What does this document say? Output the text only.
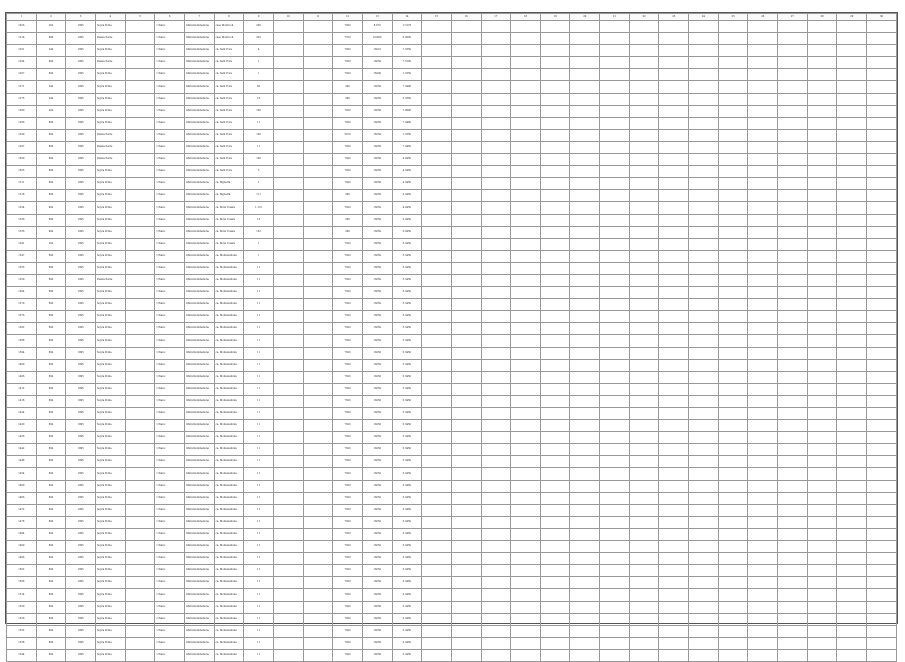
1	2	3	4	5	6	7	8	9	10	11	12	13	14	15	16	17	18	19	20	21	22	23	24	25	26	27	28	29	30
1026	26d	1995	Sopra Ponte		1 Piano	Ghirardominatione	case Monticoli	200			7000	8.070	17.078																
1016	896	1995	Piazza Ponte		1 Piano	Ghirardominatione	case Monticoli	322			7700	9.0000	9.3000																
1251	24d	1995	Sopra Ponte		1 Piano	Ghirardominatione	ca. Sant Eora	4			7000	13010	7.3350																
1254	90d	1995	Piazza Ponte		1 Piano	Ghirardominatione	ca. Sant Eora	1			7300	13050	7.3100																
1267	89d	1995	Sopra Ponte		1 Piano	Ghirardominatione	ca. Sant Eora	1			7300	15000	1.3350																
1271	24d	1995	Sopra Ponte		1 Piano	Ghirardominatione	ca. Sant Eora	66			300	13050	7.3400																
1275	24d	1995	Sopra Ponte		1 Piano	Ghirardominatione	ca. Sant Eora	10			300	13050	5.3350																
1280	26d	1995	Sopra Ponte		1 Piano	Ghirardominatione	ca. Sant Eora	160			7200	13050	7.9900																
1286	89d	1995	Sopra Ponte		1 Piano	Ghirardominatione	ca. Sant Eora	11			7300	13050	7.0400																
1290	89d	1995	Piazza Ponte		1 Piano	Ghirardominatione	ca. Sant Eora	100			5070	15050	1.3350																
1297	89d	1995	Piazza Ponte		1 Piano	Ghirardominatione	ca. Sant Eora	11			7300	13050	7.0450																
1300	89d	1995	Piazza Ponte		1 Piano	Ghirardominatione	ca. Sant Eora	100			7300	13050	4.0450																
1305	89d	1995	Sopra Ponte		1 Piano	Ghirardominatione	ca. Sant Eora	3			7300	13050	4.3450																
1311	89d	1995	Sopra Ponte		1 Piano	Ghirardominatione	ca. Bignetta	1			7300	13050	4.3450																
1318	89d	1995	Sopra Ponte		1 Piano	Ghirardominatione	ca. Bignetta	111			300	13050	5.3450																
1324	90d	1995	Sopra Ponte		1 Piano	Ghirardominatione	ca. Bonn Tosara	1.131			7300	13050	4.0450																
1330	89d	1995	Sopra Ponte		1 Piano	Ghirardominatione	ca. Bonn Tosara	13			300	13050	5.0450																
1336	90d	1995	Sopra Ponte		1 Piano	Ghirardominatione	ca. Bonn Tosara	152			300	13050	5.0450																
1341	26d	1995	Sopra Ponte		1 Piano	Ghirardominatione	ca. Bonn Tosara	1			7300	13050	5.3450																
1347	89d	1995	Sopra Ponte		1 Piano	Ghirardominatione	ca. Montebelluna	1			7300	13050	5.3450																
1353	89d	1995	Sopra Ponte		1 Piano	Ghirardominatione	ca. Montebelluna	11			7300	13050	5.3450																
1359	89d	1995	Piazza Ponte		1 Piano	Ghirardominatione	ca. Montebelluna	11			7300	13050	5.3450																
1364	89d	1995	Sopra Ponte		1 Piano	Ghirardominatione	ca. Montebelluna	11			7300	13050	5.3450																
1370	89d	1995	Sopra Ponte		1 Piano	Ghirardominatione	ca. Montebelluna	11			7300	13050	5.3450																
1376	89d	1995	Sopra Ponte		1 Piano	Ghirardominatione	ca. Montebelluna	11			7300	13050	5.3450																
1382	89d	1995	Sopra Ponte		1 Piano	Ghirardominatione	ca. Montebelluna	11			7300	13050	5.3450																
1388	89d	1995	Sopra Ponte		1 Piano	Ghirardominatione	ca. Montebelluna	11			7300	13050	5.3450																
1394	89d	1995	Sopra Ponte		1 Piano	Ghirardominatione	ca. Montebelluna	11			7300	13050	5.3450																
1400	89d	1995	Sopra Ponte		1 Piano	Ghirardominatione	ca. Montebelluna	11			7300	13050	5.3450																
1406	89d	1995	Sopra Ponte		1 Piano	Ghirardominatione	ca. Montebelluna	11			7300	13050	5.3450																
1412	89d	1995	Sopra Ponte		1 Piano	Ghirardominatione	ca. Montebelluna	11			7300	13050	5.3450																
1418	89d	1995	Sopra Ponte		1 Piano	Ghirardominatione	ca. Montebelluna	11			7300	13050	5.3450																
1424	89d	1995	Sopra Ponte		1 Piano	Ghirardominatione	ca. Montebelluna	11			7300	13050	5.3450																
1430	89d	1995	Sopra Ponte		1 Piano	Ghirardominatione	ca. Montebelluna	11			7300	13050	5.3450																
1436	89d	1995	Sopra Ponte		1 Piano	Ghirardominatione	ca. Montebelluna	11			7300	13050	5.3450																
1442	89d	1995	Sopra Ponte		1 Piano	Ghirardominatione	ca. Montebelluna	11			7300	13050	5.3450																
1448	89d	1995	Sopra Ponte		1 Piano	Ghirardominatione	ca. Montebelluna	11			7300	13050	5.3450																
1454	89d	1995	Sopra Ponte		1 Piano	Ghirardominatione	ca. Montebelluna	11			7300	13050	5.3450																
1460	89d	1995	Sopra Ponte		1 Piano	Ghirardominatione	ca. Montebelluna	11			7300	13050	5.3450																
1466	89d	1995	Sopra Ponte		1 Piano	Ghirardominatione	ca. Montebelluna	11			7300	13050	5.3450																
1472	89d	1995	Sopra Ponte		1 Piano	Ghirardominatione	ca. Montebelluna	11			7300	13050	5.3450																
1478	89d	1995	Sopra Ponte		1 Piano	Ghirardominatione	ca. Montebelluna	11			7300	13050	5.3450																
1484	89d	1995	Sopra Ponte		1 Piano	Ghirardominatione	ca. Montebelluna	11			7300	13050	5.3450																
1490	89d	1995	Sopra Ponte		1 Piano	Ghirardominatione	ca. Montebelluna	11			7300	13050	5.3450																
1496	89d	1995	Sopra Ponte		1 Piano	Ghirardominatione	ca. Montebelluna	11			7300	13050	5.3450																
1502	89d	1995	Sopra Ponte		1 Piano	Ghirardominatione	ca. Montebelluna	11			7300	13050	5.3450																
1508	89d	1995	Sopra Ponte		1 Piano	Ghirardominatione	ca. Montebelluna	11			7300	13050	5.3450																
1514	89d	1995	Sopra Ponte		1 Piano	Ghirardominatione	ca. Montebelluna	11			7300	13050	5.3450																
1520	89d	1995	Sopra Ponte		1 Piano	Ghirardominatione	ca. Montebelluna	11			7300	13050	5.3450																
1526	89d	1995	Sopra Ponte		1 Piano	Ghirardominatione	ca. Montebelluna	11			7300	13050	5.3450																
1532	89d	1995	Sopra Ponte		1 Piano	Ghirardominatione	ca. Montebelluna	11			7300	13050	5.3450																
1538	89d	1995	Sopra Ponte		1 Piano	Ghirardominatione	ca. Montebelluna	11			7300	13050	5.3450																
1544	89d	1995	Sopra Ponte		1 Piano	Ghirardominatione	ca. Montebelluna	11			7300	13050	5.3450																
